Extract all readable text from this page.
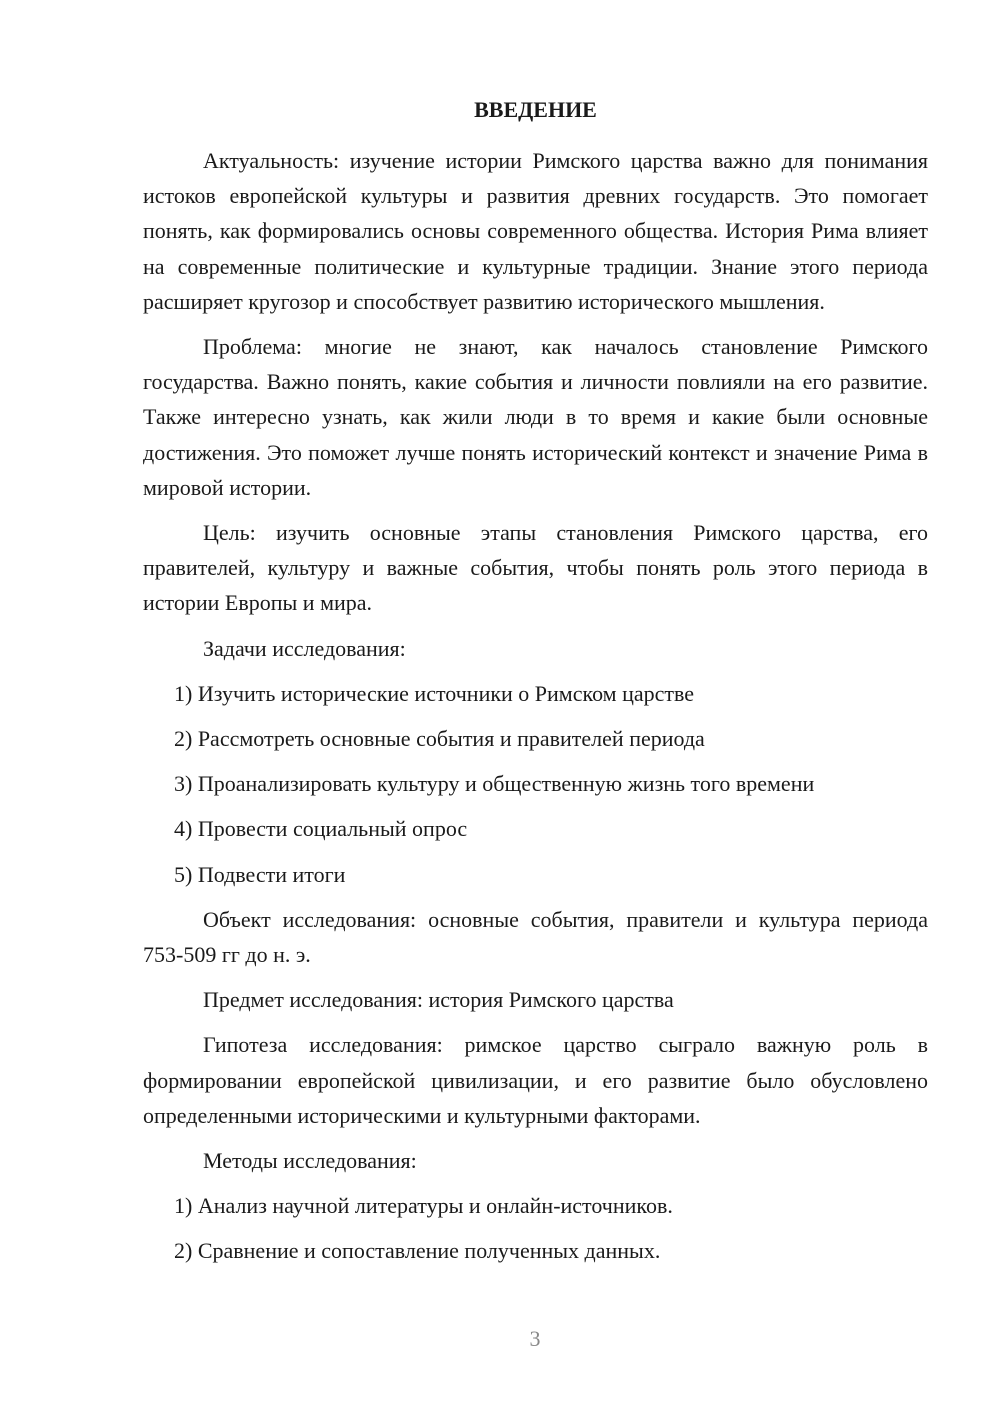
ВВЕДЕНИЕ

Актуальность: изучение истории Римского царства важно для понимания истоков европейской культуры и развития древних государств. Это помогает понять, как формировались основы современного общества. История Рима влияет на современные политические и культурные традиции. Знание этого периода расширяет кругозор и способствует развитию исторического мышления.

Проблема: многие не знают, как началось становление Римского государства. Важно понять, какие события и личности повлияли на его развитие. Также интересно узнать, как жили люди в то время и какие были основные достижения. Это поможет лучше понять исторический контекст и значение Рима в мировой истории.

Цель: изучить основные этапы становления Римского царства, его правителей, культуру и важные события, чтобы понять роль этого периода в истории Европы и мира.

Задачи исследования:
1) Изучить исторические источники о Римском царстве
2) Рассмотреть основные события и правителей периода
3) Проанализировать культуру и общественную жизнь того времени
4) Провести социальный опрос
5) Подвести итоги

Объект исследования: основные события, правители и культура периода 753-509 гг до н. э.

Предмет исследования: история Римского царства

Гипотеза исследования: римское царство сыграло важную роль в формировании европейской цивилизации, и его развитие было обусловлено определенными историческими и культурными факторами.

Методы исследования:
1) Анализ научной литературы и онлайн-источников.
2) Сравнение и сопоставление полученных данных.
3
